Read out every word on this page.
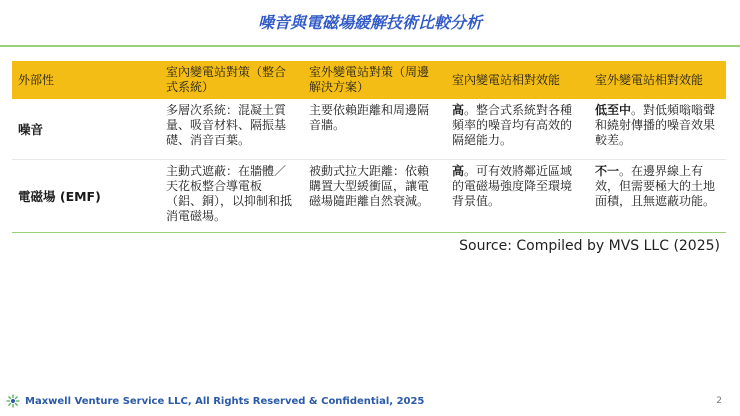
噪音與電磁場緩解技術比較分析
外部性	室內變電站對策（整合式系統）	室外變電站對策（周邊解決方案）	室內變電站相對效能	室外變電站相對效能
噪音	多層次系統：混凝土質量、吸音材料、隔振基礎、消音百葉。	主要依賴距離和周邊隔音牆。	高。整合式系統對各種頻率的噪音均有高效的隔絕能力。	低至中。對低頻嗡嗡聲和繞射傳播的噪音效果較差。
電磁場 (EMF)	主動式遮蔽：在牆體／天花板整合導電板（鋁、銅），以抑制和抵消電磁場。	被動式拉大距離：依賴購置大型緩衝區，讓電磁場隨距離自然衰減。	高。可有效將鄰近區域的電磁場強度降至環境背景值。	不一。在邊界線上有效，但需要極大的土地面積，且無遮蔽功能。
Source: Compiled by MVS LLC (2025)
Maxwell Venture Service LLC, All Rights Reserved & Confidential, 2025	2
